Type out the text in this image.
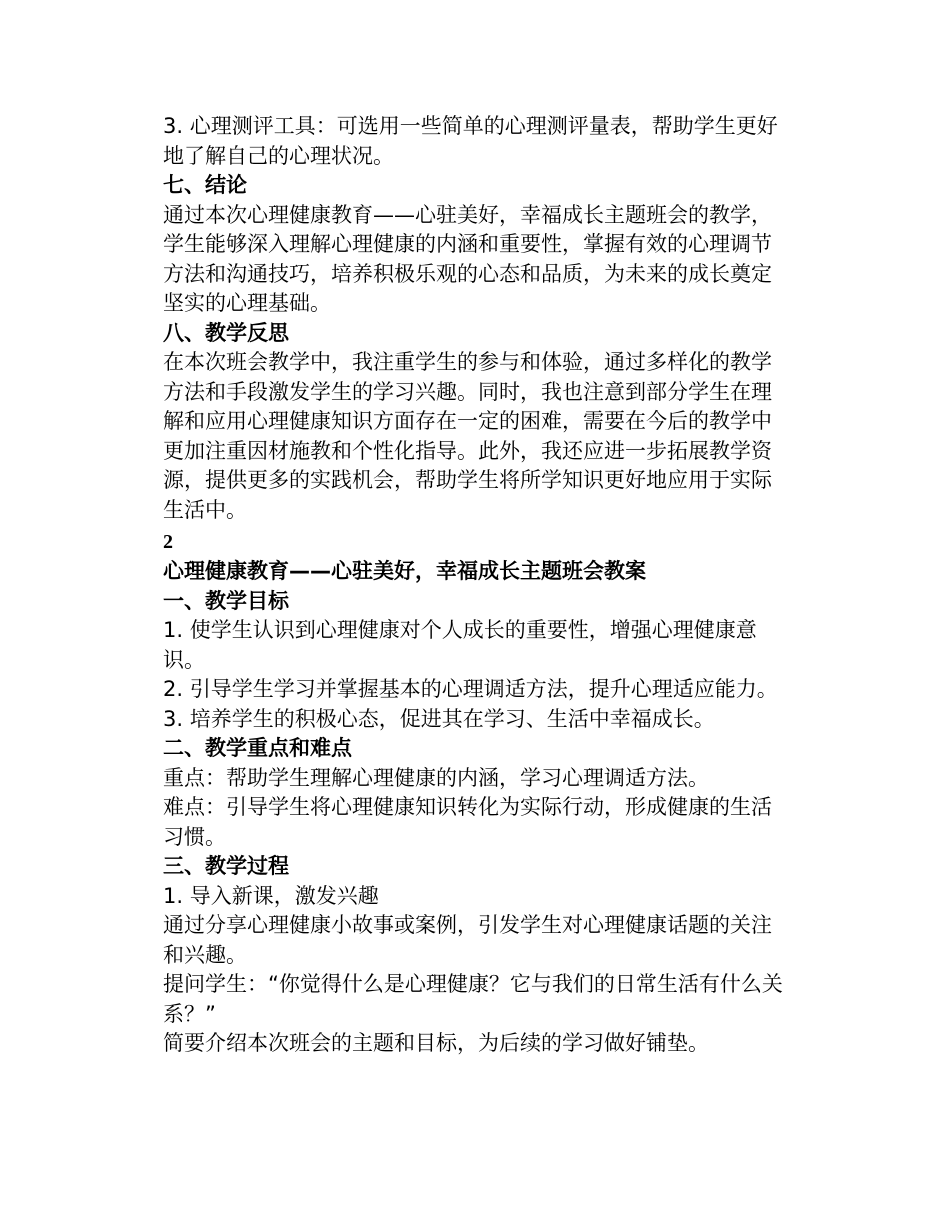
3. 心理测评工具：可选用一些简单的心理测评量表，帮助学生更好地了解自己的心理状况。

七、结论

通过本次心理健康教育——心驻美好，幸福成长主题班会的教学，学生能够深入理解心理健康的内涵和重要性，掌握有效的心理调节方法和沟通技巧，培养积极乐观的心态和品质，为未来的成长奠定坚实的心理基础。

八、教学反思

在本次班会教学中，我注重学生的参与和体验，通过多样化的教学方法和手段激发学生的学习兴趣。同时，我也注意到部分学生在理解和应用心理健康知识方面存在一定的困难，需要在今后的教学中更加注重因材施教和个性化指导。此外，我还应进一步拓展教学资源，提供更多的实践机会，帮助学生将所学知识更好地应用于实际生活中。

2

心理健康教育——心驻美好，幸福成长主题班会教案

一、教学目标

1. 使学生认识到心理健康对个人成长的重要性，增强心理健康意识。

2. 引导学生学习并掌握基本的心理调适方法，提升心理适应能力。

3. 培养学生的积极心态，促进其在学习、生活中幸福成长。

二、教学重点和难点

重点：帮助学生理解心理健康的内涵，学习心理调适方法。

难点：引导学生将心理健康知识转化为实际行动，形成健康的生活习惯。

三、教学过程

1. 导入新课，激发兴趣

通过分享心理健康小故事或案例，引发学生对心理健康话题的关注和兴趣。

提问学生：“你觉得什么是心理健康？它与我们的日常生活有什么关系？”

简要介绍本次班会的主题和目标，为后续的学习做好铺垫。
